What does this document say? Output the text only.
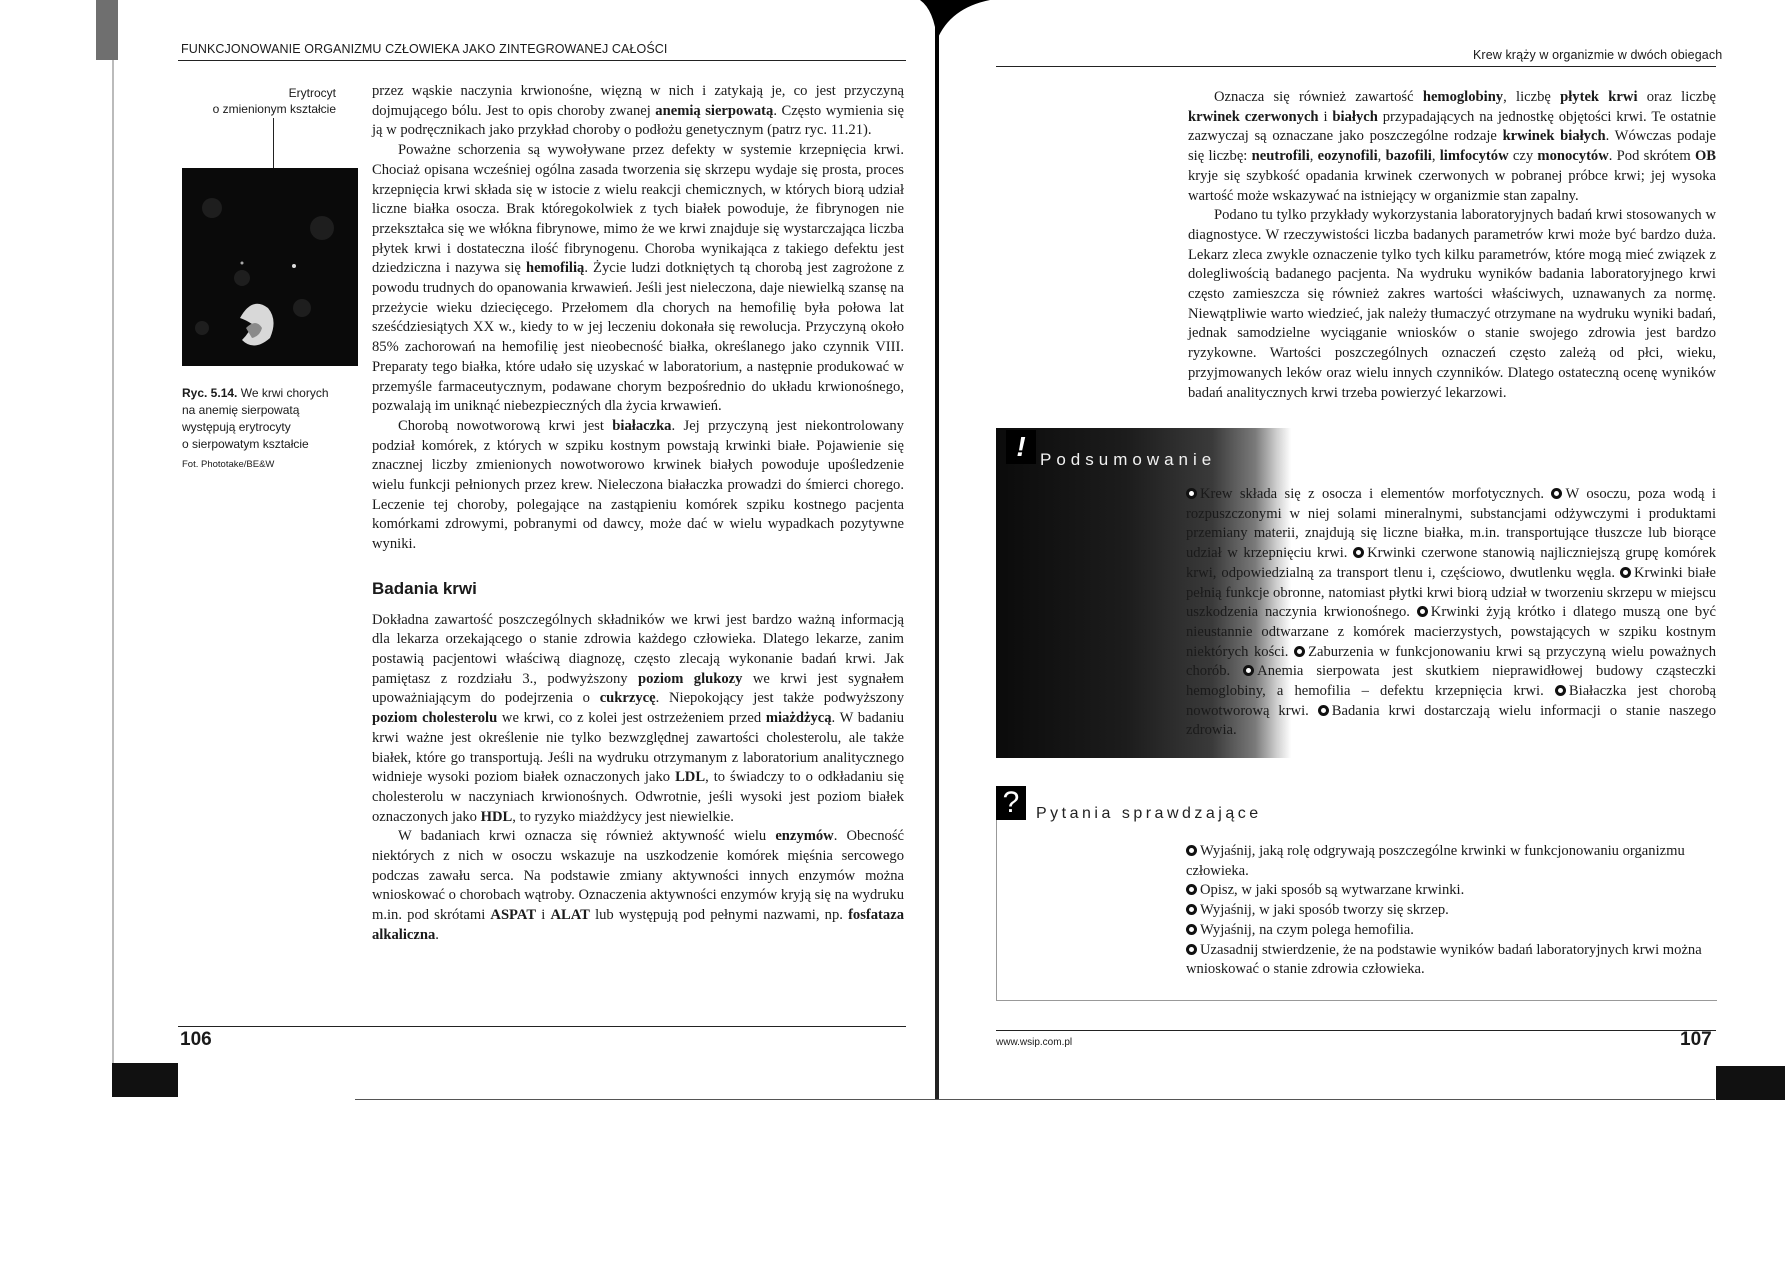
FUNKCJONOWANIE ORGANIZMU CZŁOWIEKA JAKO ZINTEGROWANEJ CAŁOŚCI
Erytrocyt
o zmienionym kształcie
Ryc. 5.14. We krwi chorych
na anemię sierpowatą
występują erytrocyty
o sierpowatym kształcie
Fot. Phototake/BE&W

przez wąskie naczynia krwionośne, więzną w nich i zatykają je, co jest przyczyną dojmującego bólu. Jest to opis choroby zwanej anemią sierpowatą. Często wymienia się ją w podręcznikach jako przykład choroby o podłożu genetycznym (patrz ryc. 11.21).

Poważne schorzenia są wywoływane przez defekty w systemie krzepnięcia krwi. Chociaż opisana wcześniej ogólna zasada tworzenia się skrzepu wydaje się prosta, proces krzepnięcia krwi składa się w istocie z wielu reakcji chemicznych, w których biorą udział liczne białka osocza. Brak któregokolwiek z tych białek powoduje, że fibrynogen nie przekształca się we włókna fibrynowe, mimo że we krwi znajduje się wystarczająca liczba płytek krwi i dostateczna ilość fibrynogenu. Choroba wynikająca z takiego defektu jest dziedziczna i nazywa się hemofilią. Życie ludzi dotkniętych tą chorobą jest zagrożone z powodu trudnych do opanowania krwawień. Jeśli jest nieleczona, daje niewielką szansę na przeżycie wieku dziecięcego. Przełomem dla chorych na hemofilię była połowa lat sześćdziesiątych XX w., kiedy to w jej leczeniu dokonała się rewolucja. Przyczyną około 85% zachorowań na hemofilię jest nieobecność białka, określanego jako czynnik VIII. Preparaty tego białka, które udało się uzyskać w laboratorium, a następnie produkować w przemyśle farmaceutycznym, podawane chorym bezpośrednio do układu krwionośnego, pozwalają im uniknąć niebezpieczných dla życia krwawień.

Chorobą nowotworową krwi jest białaczka. Jej przyczyną jest niekontrolowany podział komórek, z których w szpiku kostnym powstają krwinki białe. Pojawienie się znacznej liczby zmienionych nowotworowo krwinek białych powoduje upośledzenie wielu funkcji pełnionych przez krew. Nieleczona białaczka prowadzi do śmierci chorego. Leczenie tej choroby, polegające na zastąpieniu komórek szpiku kostnego pacjenta komórkami zdrowymi, pobranymi od dawcy, może dać w wielu wypadkach pozytywne wyniki.

Badania krwi

Dokładna zawartość poszczególnych składników we krwi jest bardzo ważną informacją dla lekarza orzekającego o stanie zdrowia każdego człowieka. Dlatego lekarze, zanim postawią pacjentowi właściwą diagnozę, często zlecają wykonanie badań krwi. Jak pamiętasz z rozdziału 3., podwyższony poziom glukozy we krwi jest sygnałem upoważniającym do podejrzenia o cukrzycę. Niepokojący jest także podwyższony poziom cholesterolu we krwi, co z kolei jest ostrzeżeniem przed miażdżycą. W badaniu krwi ważne jest określenie nie tylko bezwzględnej zawartości cholesterolu, ale także białek, które go transportują. Jeśli na wydruku otrzymanym z laboratorium analitycznego widnieje wysoki poziom białek oznaczonych jako LDL, to świadczy to o odkładaniu się cholesterolu w naczyniach krwionośnych. Odwrotnie, jeśli wysoki jest poziom białek oznaczonych jako HDL, to ryzyko miażdżycy jest niewielkie.

W badaniach krwi oznacza się również aktywność wielu enzymów. Obecność niektórych z nich w osoczu wskazuje na uszkodzenie komórek mięśnia sercowego podczas zawału serca. Na podstawie zmiany aktywności innych enzymów można wnioskować o chorobach wątroby. Oznaczenia aktywności enzymów kryją się na wydruku m.in. pod skrótami ASPAT i ALAT lub występują pod pełnymi nazwami, np. fosfataza alkaliczna.

106
Krew krąży w organizmie w dwóch obiegach

Oznacza się również zawartość hemoglobiny, liczbę płytek krwi oraz liczbę krwinek czerwonych i białych przypadających na jednostkę objętości krwi. Te ostatnie zazwyczaj są oznaczane jako poszczególne rodzaje krwinek białych. Wówczas podaje się liczbę: neutrofili, eozynofili, bazofili, limfocytów czy monocytów. Pod skrótem OB kryje się szybkość opadania krwinek czerwonych w pobranej próbce krwi; jej wysoka wartość może wskazywać na istniejący w organizmie stan zapalny.

Podano tu tylko przykłady wykorzystania laboratoryjnych badań krwi stosowanych w diagnostyce. W rzeczywistości liczba badanych parametrów krwi może być bardzo duża. Lekarz zleca zwykle oznaczenie tylko tych kilku parametrów, które mogą mieć związek z dolegliwością badanego pacjenta. Na wydruku wyników badania laboratoryjnego krwi często zamieszcza się również zakres wartości właściwych, uznawanych za normę. Niewątpliwie warto wiedzieć, jak należy tłumaczyć otrzymane na wydruku wyniki badań, jednak samodzielne wyciąganie wniosków o stanie swojego zdrowia jest bardzo ryzykowne. Wartości poszczególnych oznaczeń często zależą od płci, wieku, przyjmowanych leków oraz wielu innych czynników. Dlatego ostateczną ocenę wyników badań analitycznych krwi trzeba powierzyć lekarzowi.

! Podsumowanie
Krew składa się z osocza i elementów morfotycznych. W osoczu, poza wodą i rozpuszczonymi w niej solami mineralnymi, substancjami odżywczymi i produktami przemiany materii, znajdują się liczne białka, m.in. transportujące tłuszcze lub biorące udział w krzepnięciu krwi. Krwinki czerwone stanowią najliczniejszą grupę komórek krwi, odpowiedzialną za transport tlenu i, częściowo, dwutlenku węgla. Krwinki białe pełnią funkcje obronne, natomiast płytki krwi biorą udział w tworzeniu skrzepu w miejscu uszkodzenia naczynia krwionośnego. Krwinki żyją krótko i dlatego muszą one być nieustannie odtwarzane z komórek macierzystych, powstających w szpiku kostnym niektórych kości. Zaburzenia w funkcjonowaniu krwi są przyczyną wielu poważnych chorób. Anemia sierpowata jest skutkiem nieprawidłowej budowy cząsteczki hemoglobiny, a hemofilia – defektu krzepnięcia krwi. Białaczka jest chorobą nowotworową krwi. Badania krwi dostarczają wielu informacji o stanie naszego zdrowia.
?	Pytania sprawdzające
Wyjaśnij, jaką rolę odgrywają poszczególne krwinki w funkcjonowaniu organizmu człowieka.
Opisz, w jaki sposób są wytwarzane krwinki.
Wyjaśnij, w jaki sposób tworzy się skrzep.
Wyjaśnij, na czym polega hemofilia.
Uzasadnij stwierdzenie, że na podstawie wyników badań laboratoryjnych krwi można wnioskować o stanie zdrowia człowieka.
www.wsip.com.pl	107
